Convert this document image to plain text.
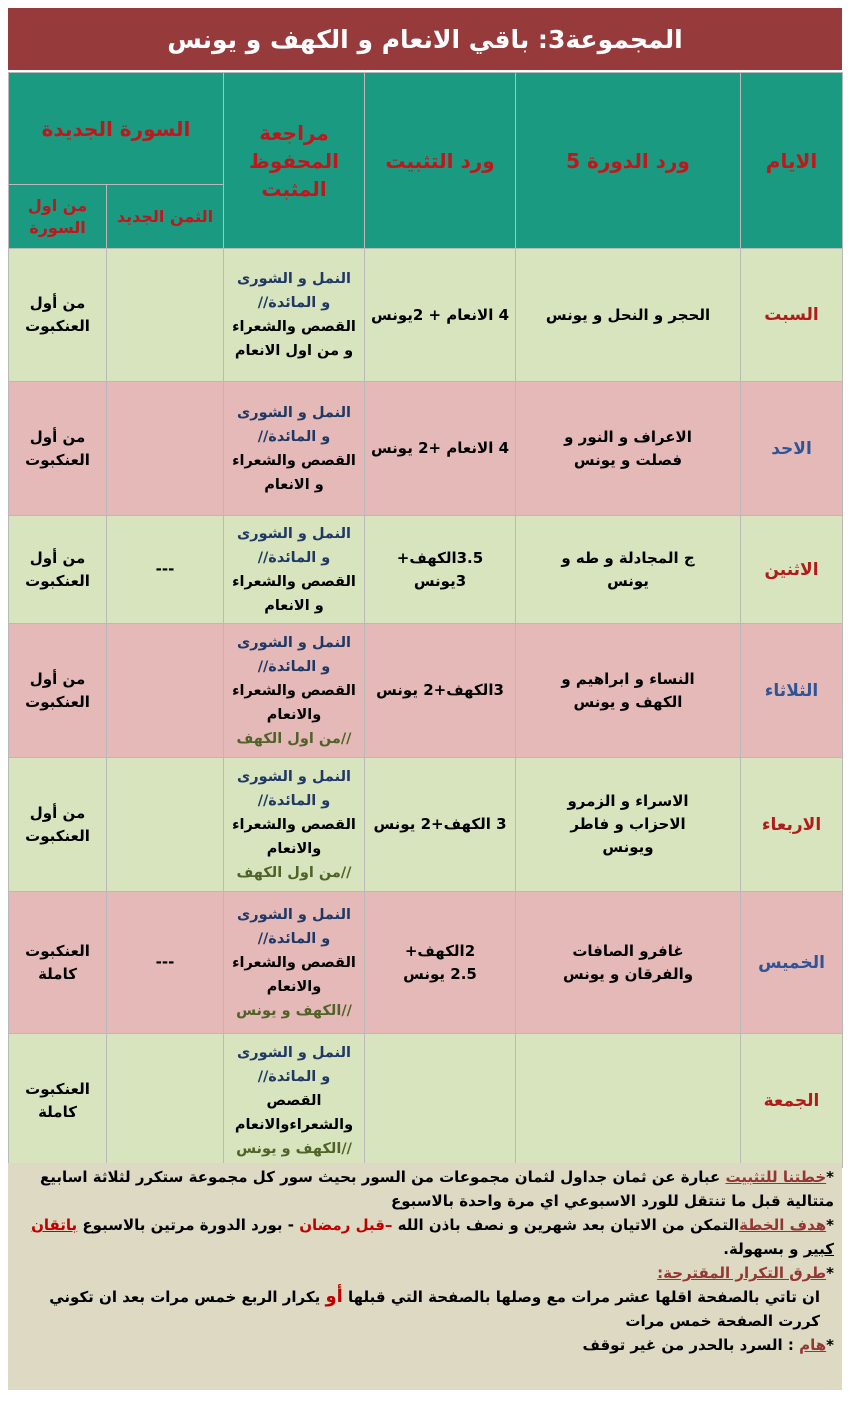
المجموعة3: باقي الانعام و الكهف و يونس
الايام	ورد الدورة 5	ورد التثبيت	مراجعة المحفوظ المثبت	السورة الجديدة	
				الثمن الجديد	من اول السورة

السبت	الحجر و النحل و يونس	4 الانعام + 2يونس	النمل و الشورى و المائدة//
القصص والشعراء و من اول الانعام		من أول العنكبوت

الاحد	الاعراف و النور و فصلت و يونس	4 الانعام +2 يونس	النمل و الشورى و المائدة//
القصص والشعراء و الانعام		من أول العنكبوت

الاثنين	ج المجادلة و طه و يونس	3.5الكهف+ 3يونس	النمل و الشورى و المائدة//
القصص والشعراء و الانعام	---	من أول العنكبوت

الثلاثاء	النساء و ابراهيم و الكهف و يونس	3الكهف+2 يونس	النمل و الشورى و المائدة//
القصص والشعراء والانعام
//من اول الكهف		من أول العنكبوت

الاربعاء	الاسراء و الزمرو الاحزاب و فاطر ويونس	3 الكهف+2 يونس	النمل و الشورى و المائدة//
القصص والشعراء والانعام
//من اول الكهف		من أول العنكبوت

الخميس	غافرو الصافات والفرقان و يونس	2الكهف+ 2.5 يونس	النمل و الشورى و المائدة//
القصص والشعراء والانعام
//الكهف و يونس	---	العنكبوت كاملة

الجمعة			النمل و الشورى و المائدة//
القصص والشعراءوالانعام
//الكهف و يونس		العنكبوت كاملة

*خطتنا للتثبيت عبارة عن ثمان جداول لثمان مجموعات من السور بحيث سور كل مجموعة ستكرر لثلاثة اسابيع متتالية قبل ما تنتقل للورد الاسبوعي اي مرة واحدة بالاسبوع

*هدف الخطةالتمكن من الاتيان بعد شهرين و نصف باذن الله –قبل رمضان - بورد الدورة مرتين بالاسبوع باتقان كبير و بسهولة.

*طرق التكرار المقترحة:

ان تاتي بالصفحة اقلها عشر مرات مع وصلها بالصفحة التي قبلها أو يكرار الربع خمس مرات بعد ان تكوني كررت الصفحة خمس مرات

*هام : السرد بالحدر من غير توقف
